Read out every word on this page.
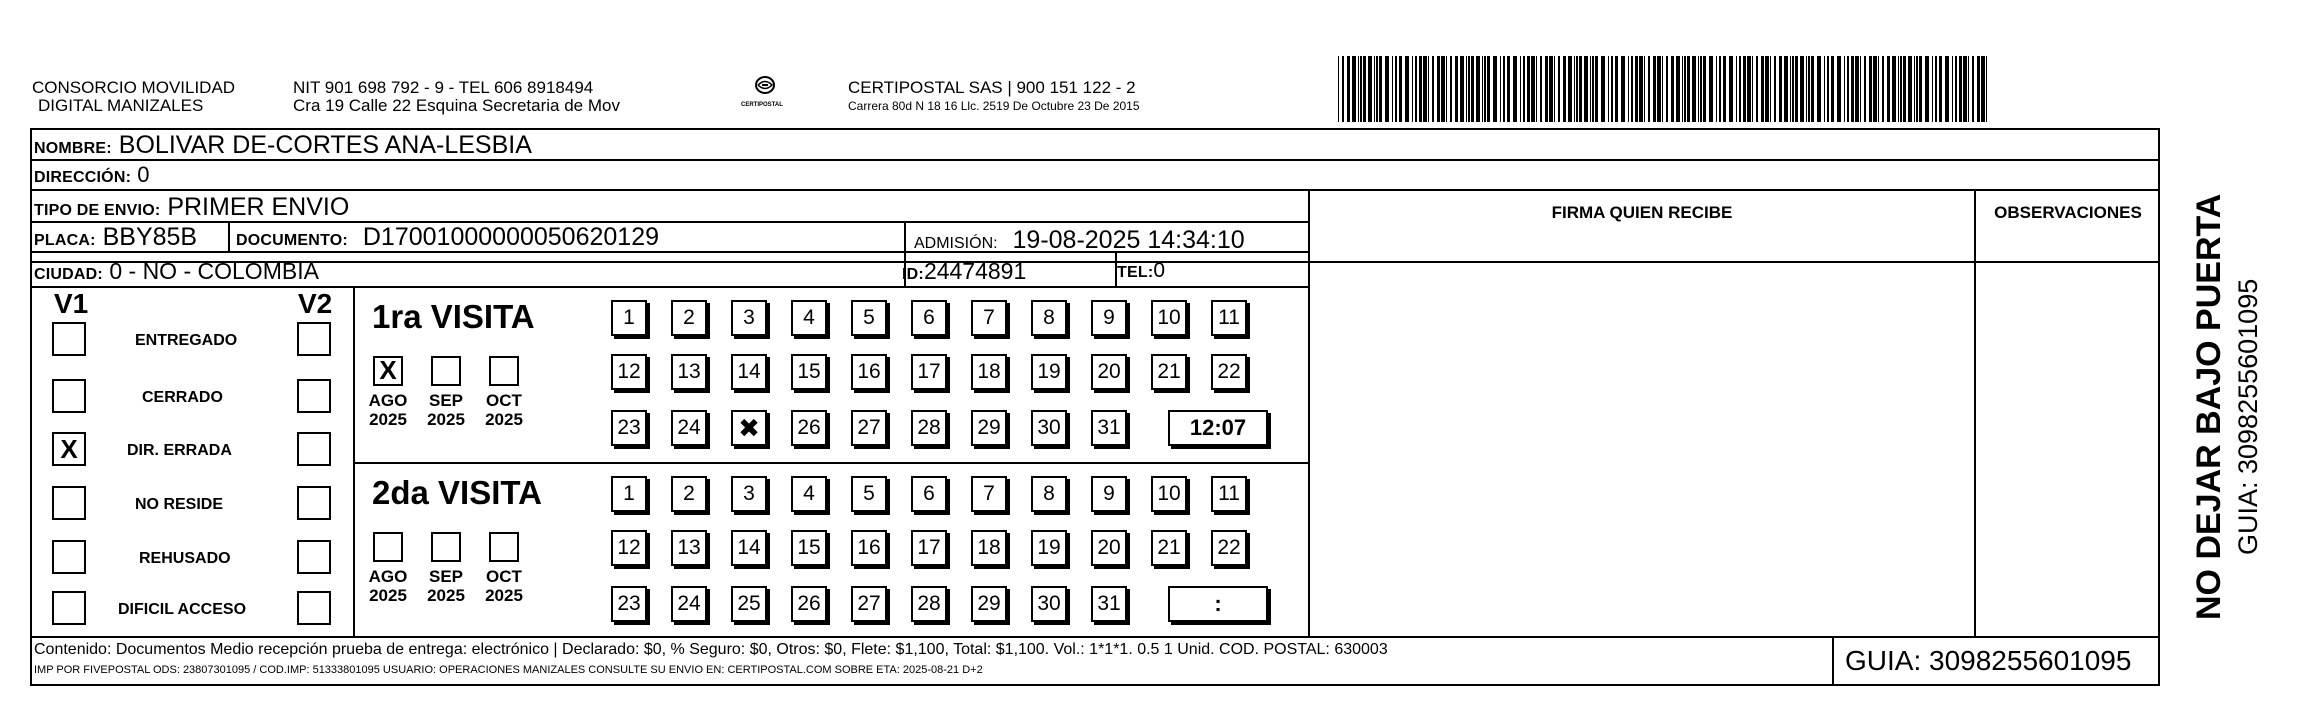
CONSORCIO MOVILIDAD
DIGITAL MANIZALES
NIT 901 698 792 - 9 - TEL 606 8918494
Cra 19 Calle 22 Esquina Secretaria de Mov	CERTIPOSTAL
CERTIPOSTAL SAS | 900 151 122 - 2
Carrera 80d N 18 16 Llc. 2519 De Octubre 23 De 2015
NOMBRE: BOLIVAR DE-CORTES ANA-LESBIA
DIRECCIÓN: 0
TIPO DE ENVIO: PRIMER ENVIO
PLACA: BBY85B DOCUMENTO: D17001000000050620129	ADMISIÓN: 19-08-2025 14:34:10
CIUDAD: 0 - NO - COLOMBIA	ID:24474891	TEL:0
FIRMA QUIEN RECIBE	OBSERVACIONES
V1	V2
ENTREGADO
CERRADO
X	DIR. ERRADA
NO RESIDE
REHUSADO
DIFICIL ACCESO
1ra VISITA
X
AGO
2025
SEP
2025
OCT
2025
1	2	3	4	5	6	7	8	9	10	11
12	13	14	15	16	17	18	19	20	21	22
23	24 ✖	26	27	28	29	30	31	12:07
2da VISITA
AGO
2025
SEP
2025
OCT
2025
1	2	3	4	5	6	7	8	9	10	11
12	13	14	15	16	17	18	19	20	21	22
23	24	25	26	27	28	29	30	31	:
Contenido: Documentos Medio recepción prueba de entrega: electrónico | Declarado: $0, % Seguro: $0, Otros: $0, Flete: $1,100, Total: $1,100. Vol.: 1*1*1. 0.5 1 Unid. COD. POSTAL: 630003
IMP POR FIVEPOSTAL ODS: 23807301095 / COD.IMP: 51333801095 USUARIO: OPERACIONES MANIZALES CONSULTE SU ENVIO EN: CERTIPOSTAL.COM SOBRE ETA: 2025-08-21 D+2	GUIA: 3098255601095
NO DEJAR BAJO PUERTA GUIA: 3098255601095
